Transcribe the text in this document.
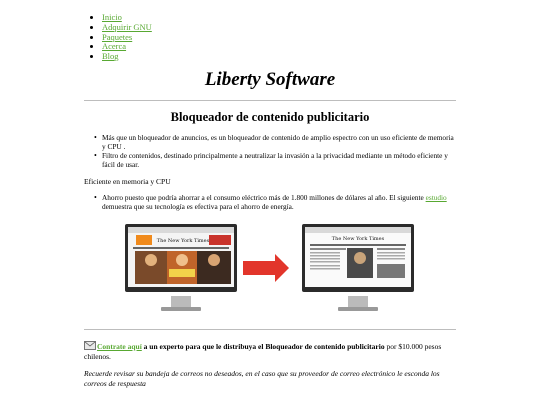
• Inicio
• Adquirir GNU
• Paquetes
• Acerca
• Blog
Liberty Software
Bloqueador de contenido publicitario
• Más que un bloqueador de anuncios, es un bloqueador de contenido de amplio espectro con un uso eficiente de memoria y CPU .
• Filtro de contenidos, destinado principalmente a neutralizar la invasión a la privacidad mediante un método eficiente y fácil de usar.

Eficiente en memoria y CPU

• Ahorro puesto que podría ahorrar a el consumo eléctrico más de 1.800 millones de dólares al año. El siguiente estudio demuestra que su tecnología es efectiva para el ahorro de energía.
The New York Times	The New York Times

Contrate aquí a un experto para que le distribuya el Bloqueador de contenido publicitario por $10.000 pesos chilenos.

Recuerde revisar su bandeja de correos no deseados, en el caso que su proveedor de correo electrónico le esconda los correos de respuesta
